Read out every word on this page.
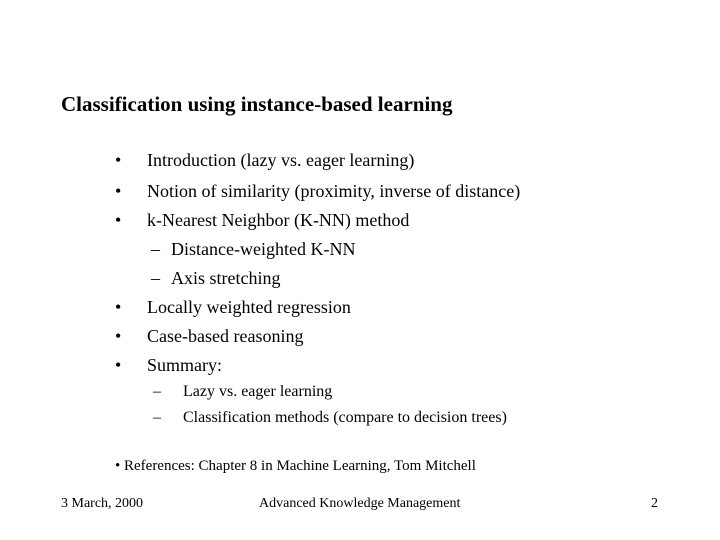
Classification using instance-based learning
• Introduction (lazy vs. eager learning)
• Notion of similarity (proximity, inverse of distance)
• k-Nearest Neighbor (K-NN) method
– Distance-weighted K-NN
– Axis stretching
• Locally weighted regression
• Case-based reasoning
• Summary:
– Lazy vs. eager learning
– Classification methods (compare to decision trees)
• References: Chapter 8 in Machine Learning, Tom Mitchell
3 March, 2000	Advanced Knowledge Management	2
